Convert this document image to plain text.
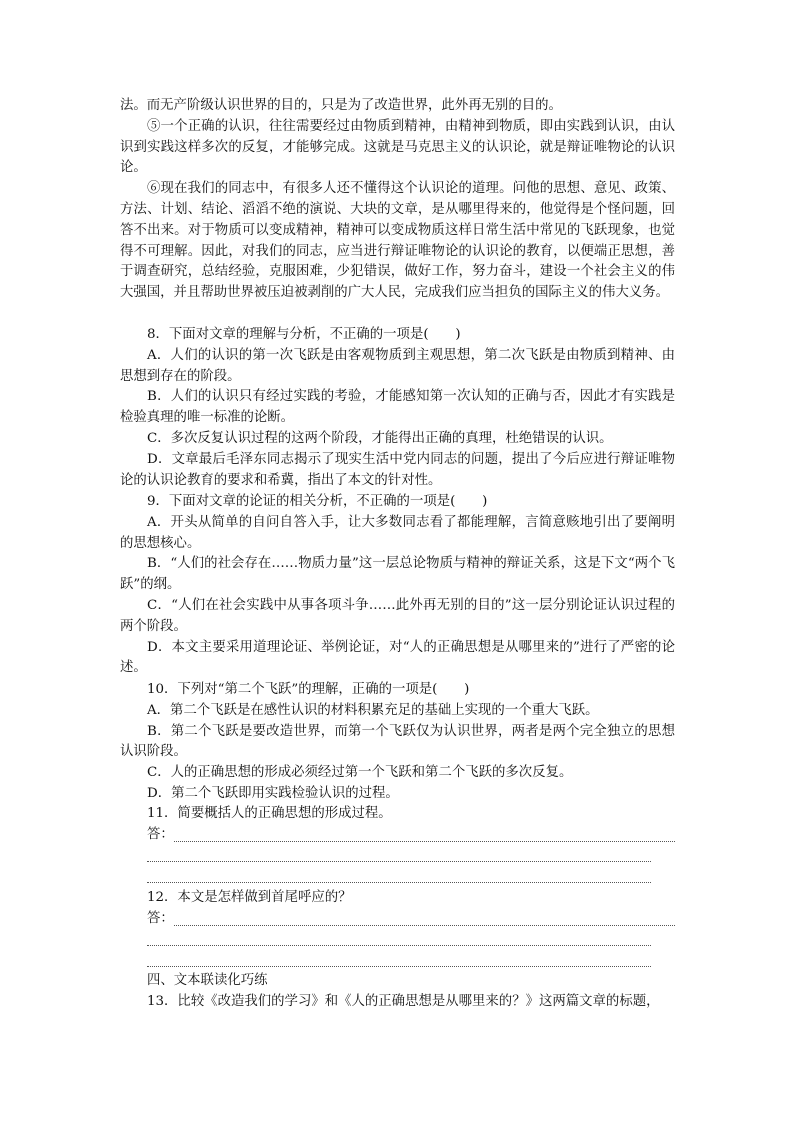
法。而无产阶级认识世界的目的，只是为了改造世界，此外再无别的目的。

⑤一个正确的认识，往往需要经过由物质到精神，由精神到物质，即由实践到认识，由认识到实践这样多次的反复，才能够完成。这就是马克思主义的认识论，就是辩证唯物论的认识论。

⑥现在我们的同志中，有很多人还不懂得这个认识论的道理。问他的思想、意见、政策、方法、计划、结论、滔滔不绝的演说、大块的文章，是从哪里得来的，他觉得是个怪问题，回答不出来。对于物质可以变成精神，精神可以变成物质这样日常生活中常见的飞跃现象，也觉得不可理解。因此，对我们的同志，应当进行辩证唯物论的认识论的教育，以便端正思想，善于调查研究，总结经验，克服困难，少犯错误，做好工作，努力奋斗，建设一个社会主义的伟大强国，并且帮助世界被压迫被剥削的广大人民，完成我们应当担负的国际主义的伟大义务。

8．下面对文章的理解与分析，不正确的一项是(　　)

A．人们的认识的第一次飞跃是由客观物质到主观思想，第二次飞跃是由物质到精神、由思想到存在的阶段。

B．人们的认识只有经过实践的考验，才能感知第一次认知的正确与否，因此才有实践是检验真理的唯一标准的论断。

C．多次反复认识过程的这两个阶段，才能得出正确的真理，杜绝错误的认识。

D．文章最后毛泽东同志揭示了现实生活中党内同志的问题，提出了今后应进行辩证唯物论的认识论教育的要求和希冀，指出了本文的针对性。

9．下面对文章的论证的相关分析，不正确的一项是(　　)

A．开头从简单的自问自答入手，让大多数同志看了都能理解，言简意赅地引出了要阐明的思想核心。

B．“人们的社会存在……物质力量”这一层总论物质与精神的辩证关系，这是下文“两个飞跃”的纲。

C．“人们在社会实践中从事各项斗争……此外再无别的目的”这一层分别论证认识过程的两个阶段。

D．本文主要采用道理论证、举例论证，对“人的正确思想是从哪里来的”进行了严密的论述。

10．下列对“第二个飞跃”的理解，正确的一项是(　　)

A．第二个飞跃是在感性认识的材料积累充足的基础上实现的一个重大飞跃。

B．第二个飞跃是要改造世界，而第一个飞跃仅为认识世界，两者是两个完全独立的思想认识阶段。

C．人的正确思想的形成必须经过第一个飞跃和第二个飞跃的多次反复。

D．第二个飞跃即用实践检验认识的过程。

11．简要概括人的正确思想的形成过程。

答：

12．本文是怎样做到首尾呼应的？

答：

四、文本联读化巧练

13．比较《改造我们的学习》和《人的正确思想是从哪里来的？》这两篇文章的标题，
